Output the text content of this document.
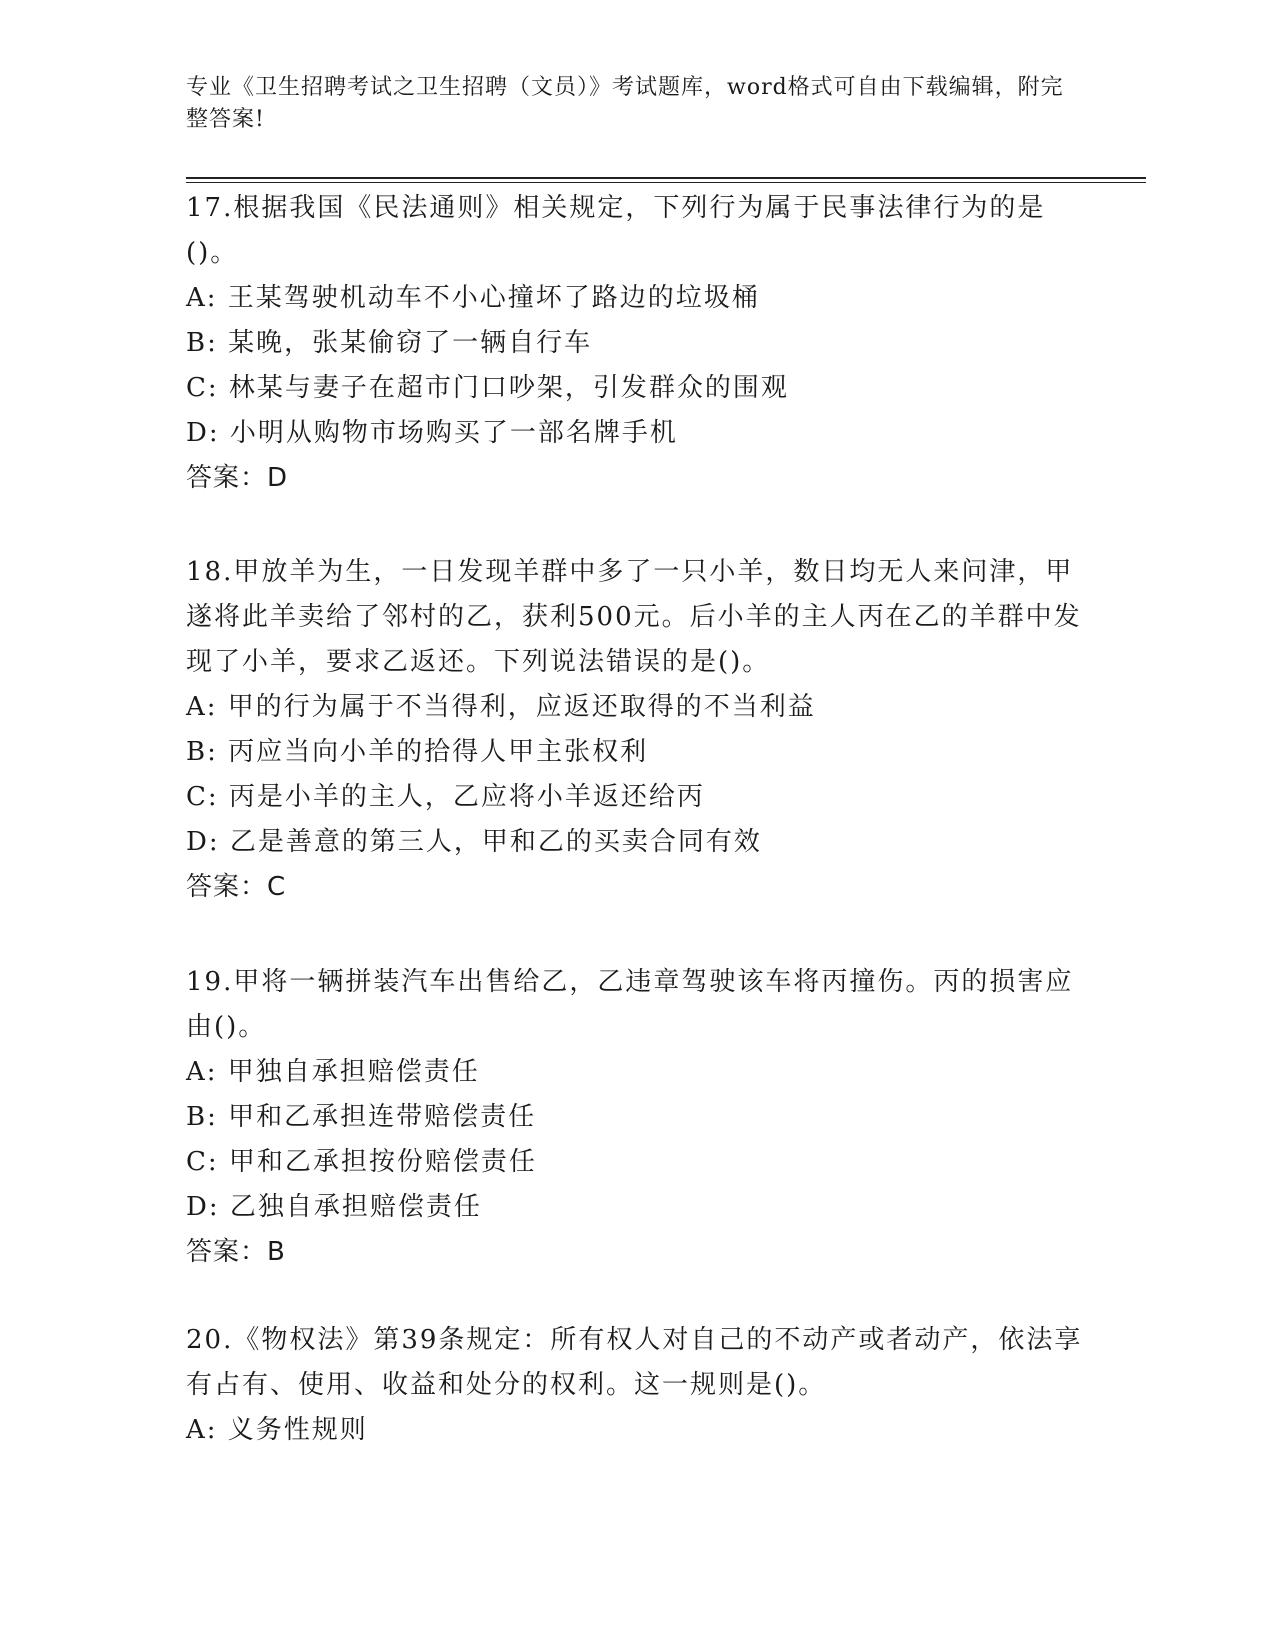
专业《卫生招聘考试之卫生招聘（文员）》考试题库，word格式可自由下载编辑，附完整答案!
17.根据我国《民法通则》相关规定，下列行为属于民事法律行为的是()。
A: 王某驾驶机动车不小心撞坏了路边的垃圾桶
B: 某晚，张某偷窃了一辆自行车
C: 林某与妻子在超市门口吵架，引发群众的围观
D: 小明从购物市场购买了一部名牌手机
答案：D
18.甲放羊为生，一日发现羊群中多了一只小羊，数日均无人来问津，甲遂将此羊卖给了邻村的乙，获利500元。后小羊的主人丙在乙的羊群中发现了小羊，要求乙返还。下列说法错误的是()。
A: 甲的行为属于不当得利，应返还取得的不当利益
B: 丙应当向小羊的拾得人甲主张权利
C: 丙是小羊的主人，乙应将小羊返还给丙
D: 乙是善意的第三人，甲和乙的买卖合同有效
答案：C
19.甲将一辆拼装汽车出售给乙，乙违章驾驶该车将丙撞伤。丙的损害应由()。
A: 甲独自承担赔偿责任
B: 甲和乙承担连带赔偿责任
C: 甲和乙承担按份赔偿责任
D: 乙独自承担赔偿责任
答案：B
20.《物权法》第39条规定：所有权人对自己的不动产或者动产，依法享有占有、使用、收益和处分的权利。这一规则是()。
A: 义务性规则
